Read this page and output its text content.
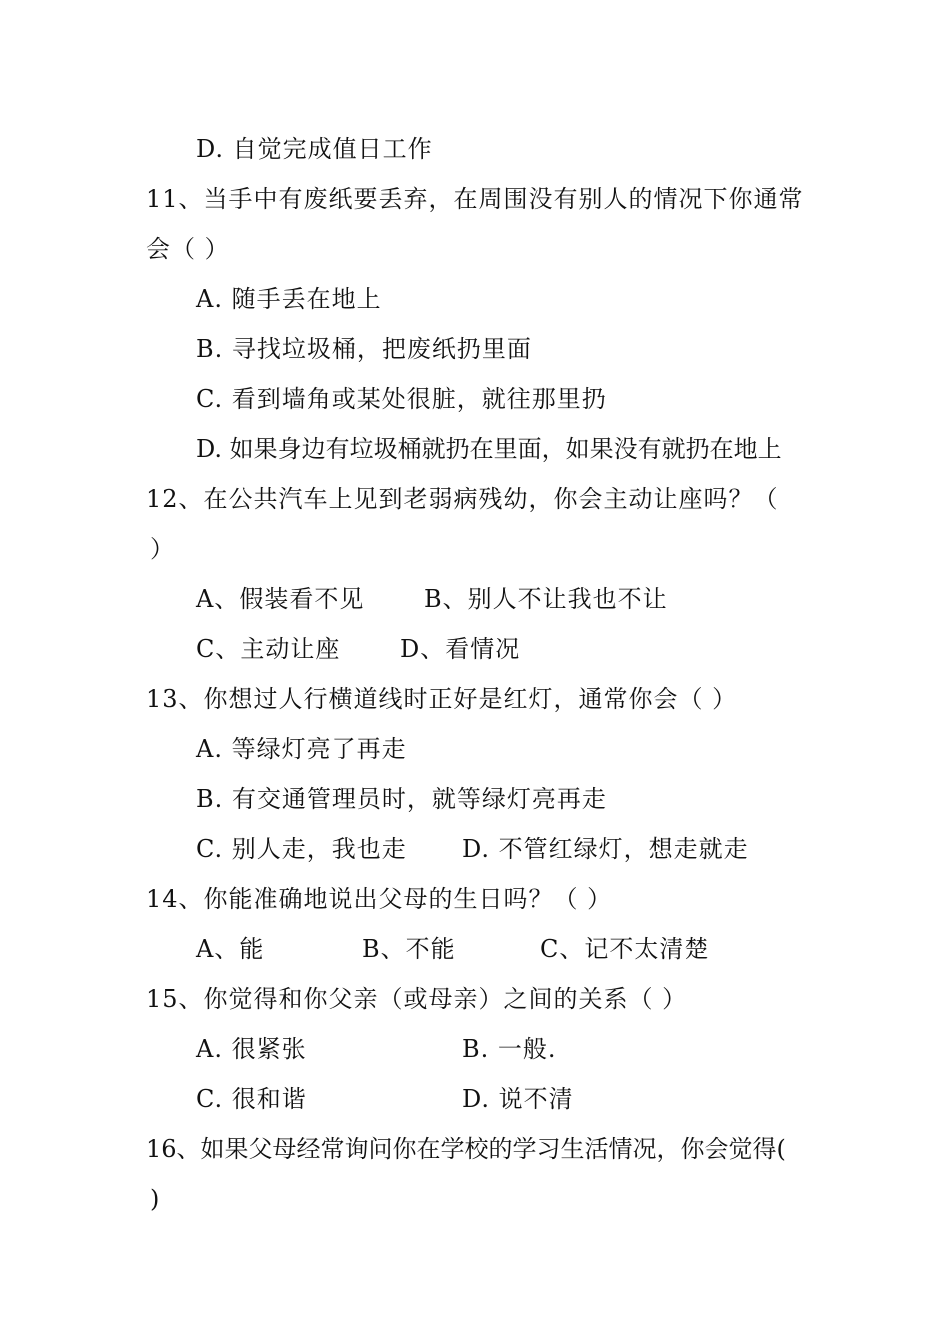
D. 自觉完成值日工作
11、当手中有废纸要丢弃，在周围没有别人的情况下你通常
会（ ）
A. 随手丢在地上
B. 寻找垃圾桶，把废纸扔里面
C. 看到墙角或某处很脏，就往那里扔
D. 如果身边有垃圾桶就扔在里面，如果没有就扔在地上
12、在公共汽车上见到老弱病残幼，你会主动让座吗？（
）
A、假装看不见 B、别人不让我也不让
C、主动让座 D、看情况
13、你想过人行横道线时正好是红灯，通常你会（ ）
A. 等绿灯亮了再走
B. 有交通管理员时，就等绿灯亮再走
C. 别人走，我也走 D. 不管红绿灯，想走就走
14、你能准确地说出父母的生日吗？（ ）
A、能	B、不能	C、记不太清楚
15、你觉得和你父亲（或母亲）之间的关系（ ）
A. 很紧张	B. 一般.
C. 很和谐	D. 说不清
16、如果父母经常询问你在学校的学习生活情况，你会觉得(
)
